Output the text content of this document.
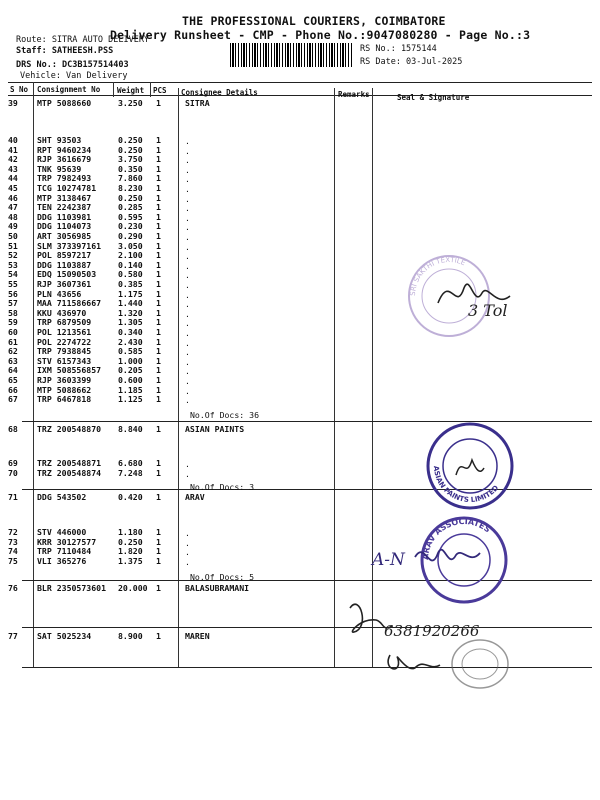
THE PROFESSIONAL COURIERS, COIMBATORE
Delivery Runsheet - CMP - Phone No.:9047080280 - Page No.:3
Route: SITRA AUTO DELIVERY
Staff: SATHEESH.PSS
DRS No.: DC3B157514403
Vehicle: Van Delivery
RS No.: 1575144
RS Date: 03-Jul-2025
S No Consignment No Weight PCS Consignee Details	Remarks	Seal & Signature
39 MTP 5088660	3.250 1	SITRA
40 SHT 93503	0.250 1	.
41 RPT 9460234	0.250 1	.
42 RJP 3616679	3.750 1	.
43 TNK 95639	0.350 1	.
44 TRP 7982493	7.860 1	.
45 TCG 10274781	8.230 1	.
46 MTP 3138467	0.250 1	.
47 TEN 2242387	0.285 1	.
48 DDG 1103981	0.595 1	.
49 DDG 1104073	0.230 1	.
50 ART 3056985	0.290 1	.
51 SLM 373397161 3.050 1	.
52 POL 8597217	2.100 1	.
53 DDG 1103887	0.140 1	.
54 EDQ 15090503	0.580 1	.
55 RJP 3607361	0.385 1	.
56 PLN 43656	1.175 1	.
57 MAA 711586667 1.440 1	.
58 KKU 436970	1.320 1	.
59 TRP 6879509	1.305 1	.
60 POL 1213561	0.340 1	.
61 POL 2274722	2.430 1	.
62 TRP 7938845	0.585 1	.
63 STV 6157343	1.000 1	.
64 IXM 508556857 0.205 1	.
65 RJP 3603399	0.600 1	.
66 MTP 5088662	1.185 1	.
67 TRP 6467818	1.125 1	.
No.Of Docs: 36
68 TRZ 200548870 8.840 1	ASIAN PAINTS
69 TRZ 200548871 6.680 1	.
70 TRZ 200548874 7.248 1	.
No.Of Docs: 3
71 DDG 543502	0.420 1	ARAV
72 STV 446000	1.180 1	.
73 KRR 30127577	0.250 1	.
74 TRP 7110484	1.820 1	.
75 VLI 365276	1.375 1	.
No.Of Docs: 5
76 BLR 2350573601 20.000 1	BALASUBRAMANI
77 SAT 5025234	8.900 1	MAREN
SRI SAKTHI TEXTILE
3 Tol
ASIAN PAINTS LIMITED
ARAV ASSOCIATES
A-N
6381920266
